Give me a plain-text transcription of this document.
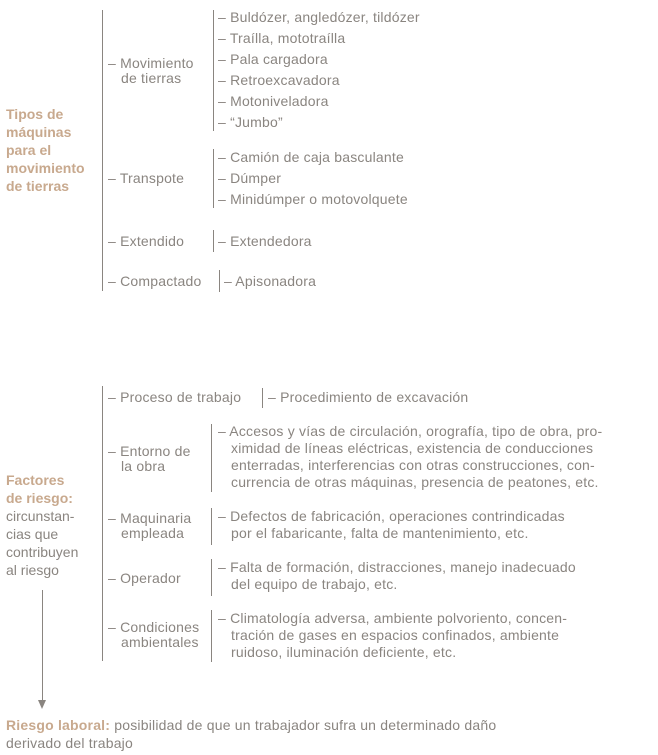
Tipos de
máquinas
para el
movimiento
de tierras
– Movimiento
de tierras
– Buldózer, angledózer, tildózer
– Traílla, mototraílla
– Pala cargadora
– Retroexcavadora
– Motoniveladora
– “Jumbo”
– Transpote
– Camión de caja basculante
– Dúmper
– Minidúmper o motovolquete
– Extendido – Extendedora
– Compactado – Apisonadora
Factores
de riesgo:
circunstan-
cias que
contribuyen
al riesgo
– Proceso de trabajo – Procedimiento de excavación
– Entorno de
la obra
– Accesos y vías de circulación, orografía, tipo de obra, pro-
ximidad de líneas eléctricas, existencia de conducciones
enterradas, interferencias con otras construcciones, con-
currencia de otras máquinas, presencia de peatones, etc.
– Maquinaria
empleada
– Defectos de fabricación, operaciones contrindicadas
por el fabaricante, falta de mantenimiento, etc.
– Operador
– Falta de formación, distracciones, manejo inadecuado
del equipo de trabajo, etc.
– Condiciones
ambientales
– Climatología adversa, ambiente polvoriento, concen-
tración de gases en espacios confinados, ambiente
ruidoso, iluminación deficiente, etc.
Riesgo laboral: posibilidad de que un trabajador sufra un determinado daño
derivado del trabajo
